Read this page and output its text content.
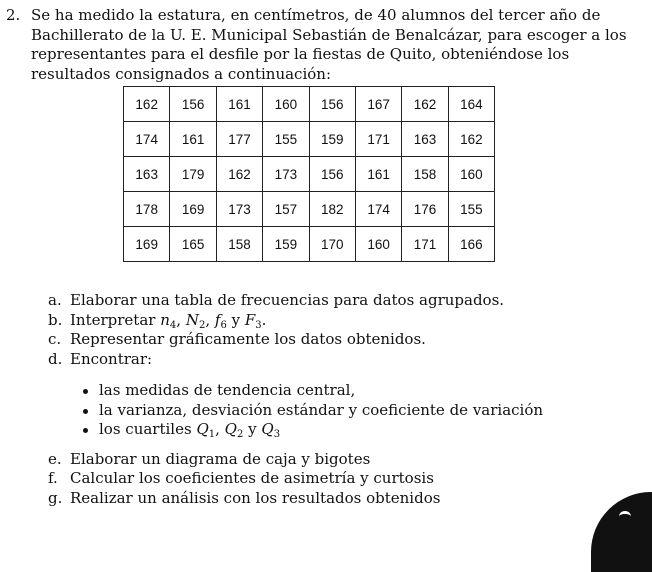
2. Se ha medido la estatura, en centímetros, de 40 alumnos del tercer año de Bachillerato de la U. E. Municipal Sebastián de Benalcázar, para escoger a los representantes para el desfile por la fiestas de Quito, obteniéndose los resultados consignados a continuación:
162	156	161	160	156	167	162	164
174	161	177	155	159	171	163	162
163	179	162	173	156	161	158	160
178	169	173	157	182	174	176	155
169	165	158	159	170	160	171	166
a. Elaborar una tabla de frecuencias para datos agrupados.
b. Interpretar $n_4$, $N_2$, $f_6$ y $F_3$.
c. Representar gráficamente los datos obtenidos.
d. Encontrar:
las medidas de tendencia central,
la varianza, desviación estándar y coeficiente de variación
los cuartiles $Q_1$, $Q_2$ y $Q_3$
e. Elaborar un diagrama de caja y bigotes
f. Calcular los coeficientes de asimetría y curtosis
g. Realizar un análisis con los resultados obtenidos
